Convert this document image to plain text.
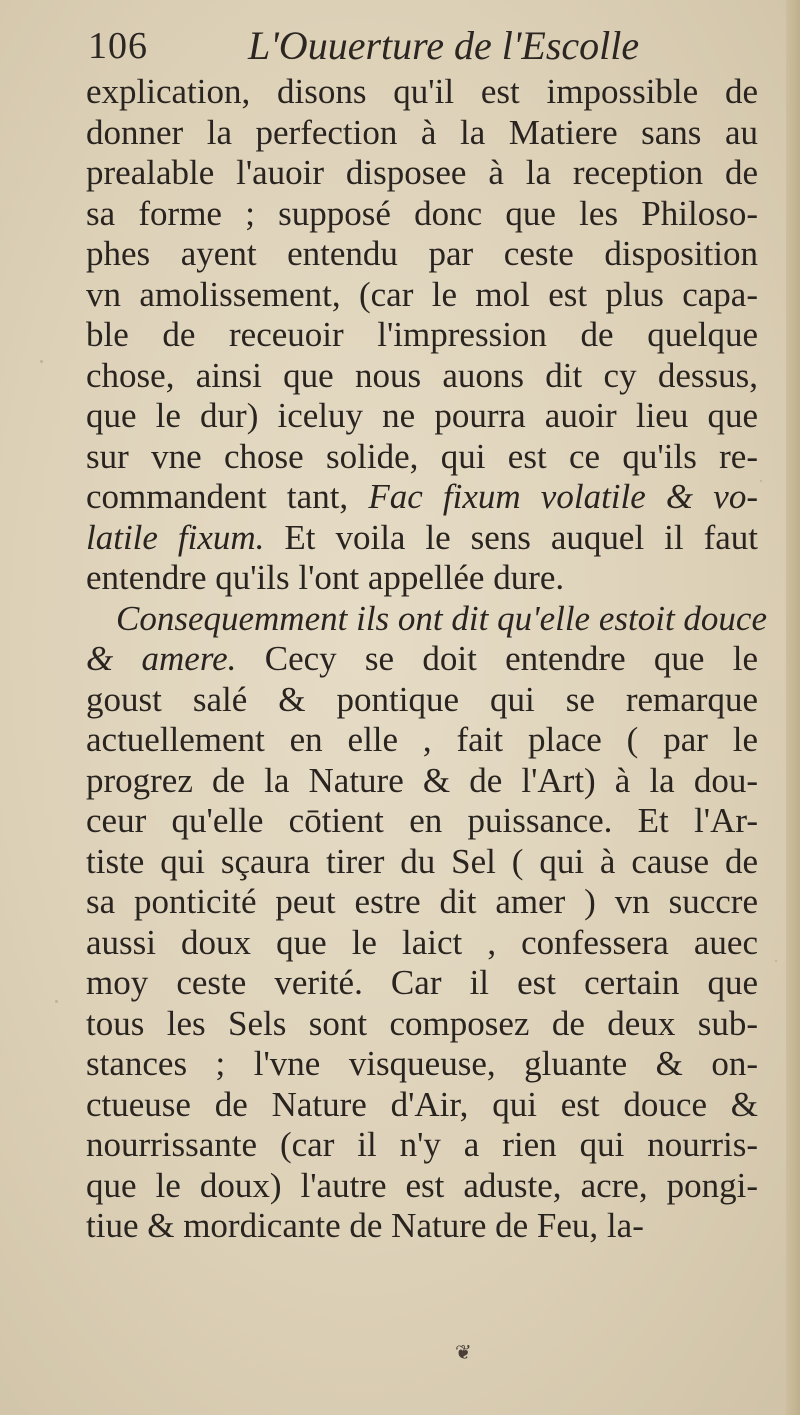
106	L'Ouuerture de l'Escolle
explication, disons qu'il est impossible de
donner la perfection à la Matiere sans au
prealable l'auoir disposee à la reception de
sa forme ; supposé donc que les Philoso-
phes ayent entendu par ceste disposition
vn amolissement, (car le mol est plus capa-
ble de receuoir l'impression de quelque
chose, ainsi que nous auons dit cy dessus,
que le dur) iceluy ne pourra auoir lieu que
sur vne chose solide, qui est ce qu'ils re-
commandent tant, Fac fixum volatile & vo-
latile fixum. Et voila le sens auquel il faut
entendre qu'ils l'ont appellée dure.
Consequemment ils ont dit qu'elle estoit douce
& amere. Cecy se doit entendre que le
goust salé & pontique qui se remarque
actuellement en elle , fait place ( par le
progrez de la Nature & de l'Art) à la dou-
ceur qu'elle cōtient en puissance. Et l'Ar-
tiste qui sçaura tirer du Sel ( qui à cause de
sa ponticité peut estre dit amer ) vn succre
aussi doux que le laict , confessera auec
moy ceste verité. Car il est certain que
tous les Sels sont composez de deux sub-
stances ; l'vne visqueuse, gluante & on-
ctueuse de Nature d'Air, qui est douce &
nourrissante (car il n'y a rien qui nourris-
que le doux) l'autre est aduste, acre, pongi-
tiue & mordicante de Nature de Feu, la-
❦
